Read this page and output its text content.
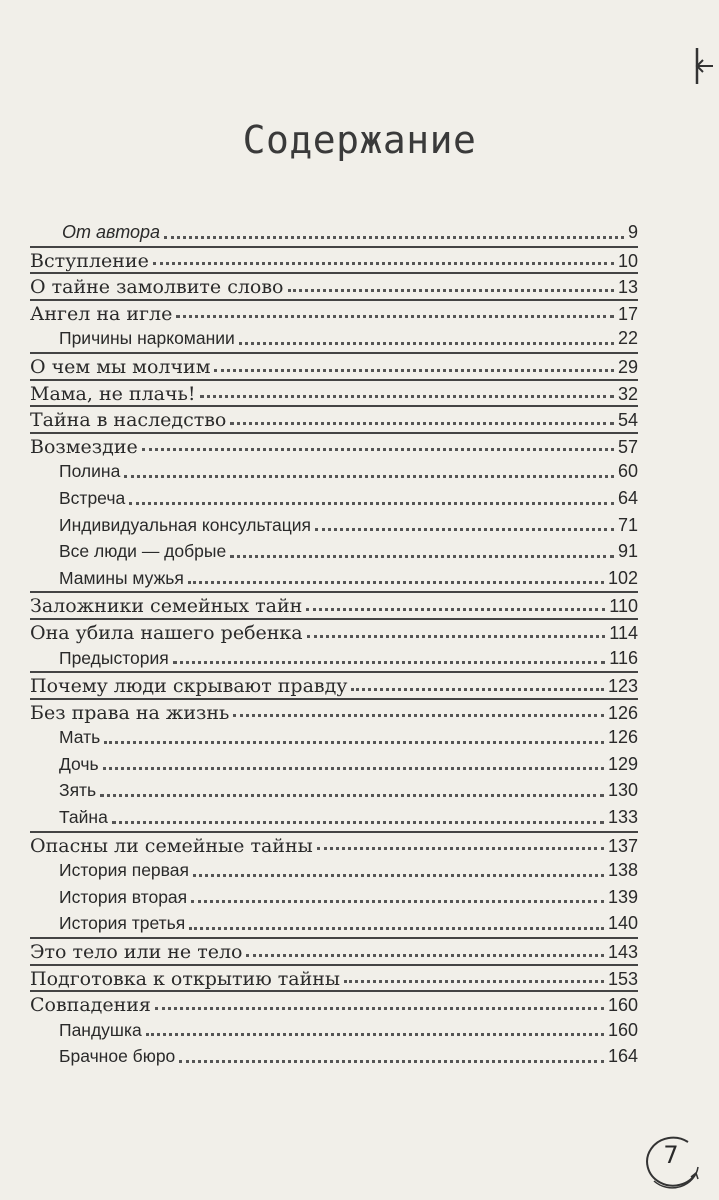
Содержание
От автора	9
Вступление	10
О тайне замолвите слово	13
Ангел на игле	17
Причины наркомании	22
О чем мы молчим	29
Мама, не плачь!	32
Тайна в наследство	54
Возмездие	57
Полина	60
Встреча	64
Индивидуальная консультация	71
Все люди — добрые	91
Мамины мужья	102
Заложники семейных тайн	110
Она убила нашего ребенка	114
Предыстория	116
Почему люди скрывают правду	123
Без права на жизнь	126
Мать	126
Дочь	129
Зять	130
Тайна	133
Опасны ли семейные тайны	137
История первая	138
История вторая	139
История третья	140
Это тело или не тело	143
Подготовка к открытию тайны	153
Совпадения	160
Пандушка	160
Брачное бюро	164
7
